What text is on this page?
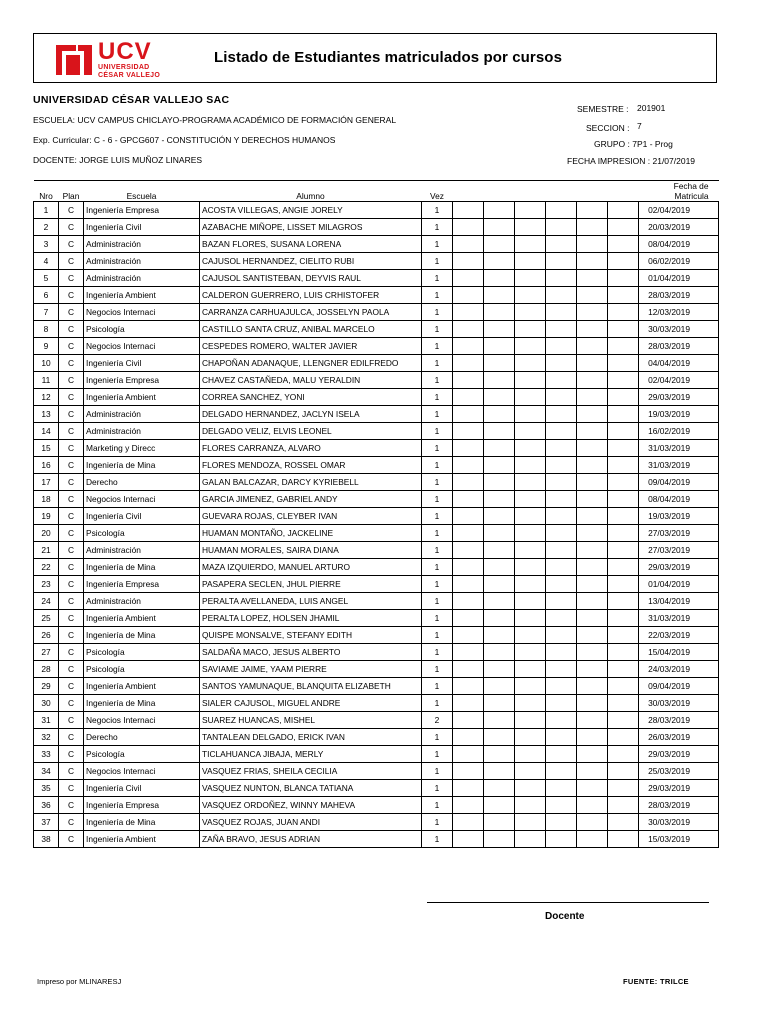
UCV
UNIVERSIDAD
CÉSAR VALLEJO
Listado de Estudiantes matriculados por cursos
UNIVERSIDAD CÉSAR VALLEJO SAC
ESCUELA: UCV CAMPUS CHICLAYO-PROGRAMA ACADÉMICO DE FORMACIÓN GENERAL
Exp. Curricular: C - 6 - GPCG607 - CONSTITUCIÓN Y DERECHOS HUMANOS
DOCENTE: JORGE LUIS MUÑOZ LINARES
SEMESTRE : 201901
SECCION : 7
GRUPO : 7P1 - Prog
FECHA IMPRESION : 21/07/2019
Nro	Plan	Escuela	Alumno	Vez							Fecha de Matricula
1	C	Ingeniería Empresa	ACOSTA VILLEGAS, ANGIE JORELY	1							02/04/2019
2	C	Ingeniería Civil	AZABACHE MIÑOPE, LISSET MILAGROS	1							20/03/2019
3	C	Administración	BAZAN FLORES, SUSANA LORENA	1							08/04/2019
4	C	Administración	CAJUSOL HERNANDEZ, CIELITO RUBI	1							06/02/2019
5	C	Administración	CAJUSOL SANTISTEBAN, DEYVIS RAUL	1							01/04/2019
6	C	Ingeniería Ambient	CALDERON GUERRERO, LUIS CRHISTOFER	1							28/03/2019
7	C	Negocios Internaci	CARRANZA CARHUAJULCA, JOSSELYN PAOLA	1							12/03/2019
8	C	Psicología	CASTILLO SANTA CRUZ, ANIBAL MARCELO	1							30/03/2019
9	C	Negocios Internaci	CESPEDES ROMERO, WALTER JAVIER	1							28/03/2019
10	C	Ingeniería Civil	CHAPOÑAN ADANAQUE, LLENGNER EDILFREDO	1							04/04/2019
11	C	Ingeniería Empresa	CHAVEZ CASTAÑEDA, MALU YERALDIN	1							02/04/2019
12	C	Ingeniería Ambient	CORREA SANCHEZ, YONI	1							29/03/2019
13	C	Administración	DELGADO HERNANDEZ, JACLYN ISELA	1							19/03/2019
14	C	Administración	DELGADO VELIZ, ELVIS LEONEL	1							16/02/2019
15	C	Marketing y Direcc	FLORES CARRANZA, ALVARO	1							31/03/2019
16	C	Ingeniería de Mina	FLORES MENDOZA, ROSSEL OMAR	1							31/03/2019
17	C	Derecho	GALAN BALCAZAR, DARCY KYRIEBELL	1							09/04/2019
18	C	Negocios Internaci	GARCIA JIMENEZ, GABRIEL ANDY	1							08/04/2019
19	C	Ingeniería Civil	GUEVARA ROJAS, CLEYBER IVAN	1							19/03/2019
20	C	Psicología	HUAMAN MONTAÑO, JACKELINE	1							27/03/2019
21	C	Administración	HUAMAN MORALES, SAIRA DIANA	1							27/03/2019
22	C	Ingeniería de Mina	MAZA IZQUIERDO, MANUEL ARTURO	1							29/03/2019
23	C	Ingeniería Empresa	PASAPERA SECLEN, JHUL PIERRE	1							01/04/2019
24	C	Administración	PERALTA AVELLANEDA, LUIS ANGEL	1							13/04/2019
25	C	Ingeniería Ambient	PERALTA LOPEZ, HOLSEN JHAMIL	1							31/03/2019
26	C	Ingeniería de Mina	QUISPE MONSALVE, STEFANY EDITH	1							22/03/2019
27	C	Psicología	SALDAÑA MACO, JESUS ALBERTO	1							15/04/2019
28	C	Psicología	SAVIAME JAIME, YAAM PIERRE	1							24/03/2019
29	C	Ingeniería Ambient	SANTOS YAMUNAQUE, BLANQUITA ELIZABETH	1							09/04/2019
30	C	Ingeniería de Mina	SIALER CAJUSOL, MIGUEL ANDRE	1							30/03/2019
31	C	Negocios Internaci	SUAREZ HUANCAS, MISHEL	2							28/03/2019
32	C	Derecho	TANTALEAN DELGADO, ERICK IVAN	1							26/03/2019
33	C	Psicología	TICLAHUANCA JIBAJA, MERLY	1							29/03/2019
34	C	Negocios Internaci	VASQUEZ FRIAS, SHEILA CECILIA	1							25/03/2019
35	C	Ingeniería Civil	VASQUEZ NUNTON, BLANCA TATIANA	1							29/03/2019
36	C	Ingeniería Empresa	VASQUEZ ORDOÑEZ, WINNY MAHEVA	1							28/03/2019
37	C	Ingeniería de Mina	VASQUEZ ROJAS, JUAN ANDI	1							30/03/2019
38	C	Ingeniería Ambient	ZAÑA BRAVO, JESUS ADRIAN	1							15/03/2019
Docente
Impreso por MLINARESJ	FUENTE: TRILCE
